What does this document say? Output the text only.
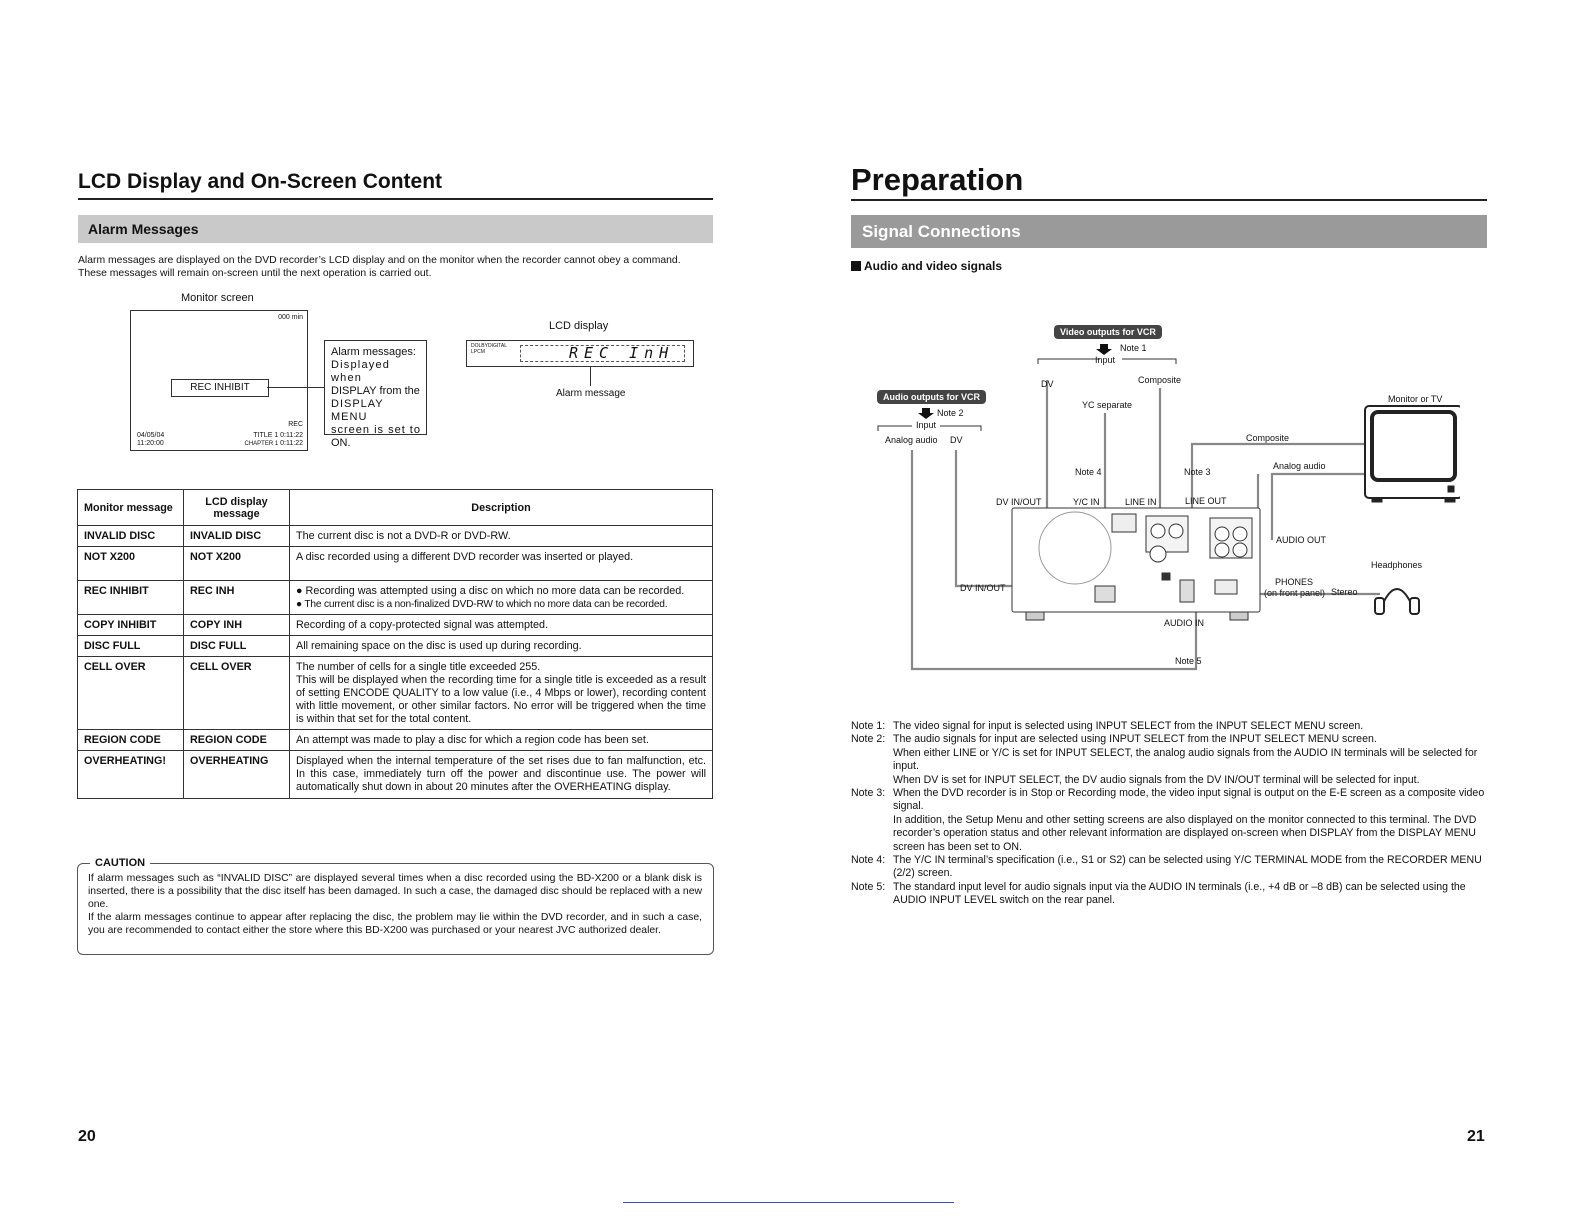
LCD Display and On-Screen Content
Alarm Messages
Alarm messages are displayed on the DVD recorder’s LCD display and on the monitor when the recorder cannot obey a command.
These messages will remain on-screen until the next operation is carried out.
Monitor screen
000 min
REC INHIBIT
REC
04/05/04
11:20:00
TITLE 1 0:11:22
CHAPTER 1 0:11:22
Alarm messages:
Displayed when
DISPLAY from the
DISPLAY MENU
screen is set to
ON.
LCD display
DOLBYDIGITAL
LPCM	REC InH
Alarm message
Monitor message	LCD display message	Description
INVALID DISC	INVALID DISC	The current disc is not a DVD-R or DVD-RW.
NOT X200	NOT X200	A disc recorded using a different DVD recorder was inserted or played.
REC INHIBIT	REC INH	● Recording was attempted using a disc on which no more data can be recorded.
● The current disc is a non-finalized DVD-RW to which no more data can be recorded.

COPY INHIBIT	COPY INH	Recording of a copy-protected signal was attempted.
DISC FULL	DISC FULL	All remaining space on the disc is used up during recording.
CELL OVER	CELL OVER	The number of cells for a single title exceeded 255.
This will be displayed when the recording time for a single title is exceeded as a result of setting ENCODE QUALITY to a low value (i.e., 4 Mbps or lower), recording content with little movement, or other similar factors. No error will be triggered when the time is within that set for the total content.

REGION CODE	REGION CODE	An attempt was made to play a disc for which a region code has been set.
OVERHEATING!	OVERHEATING	Displayed when the internal temperature of the set rises due to fan malfunction, etc. In this case, immediately turn off the power and discontinue use. The power will automatically shut down in about 20 minutes after the OVERHEATING display.
CAUTION
If alarm messages such as “INVALID DISC” are displayed several times when a disc recorded using the BD-X200 or a blank disk is inserted, there is a possibility that the disc itself has been damaged. In such a case, the damaged disc should be replaced with a new one.
If the alarm messages continue to appear after replacing the disc, the problem may lie within the DVD recorder, and in such a case, you are recommended to contact either the store where this BD-X200 was purchased or your nearest JVC authorized dealer.
20
Preparation
Signal Connections
Audio and video signals
Video outputs for VCR
Note 1
Input
DV	Composite
YC separate
Audio outputs for VCR
Note 2
Input
Analog audio DV
Note 4	Note 3
DV IN/OUT	Y/C IN	LINE IN	LINE OUT
DV IN/OUT
AUDIO OUT
AUDIO IN
Note 5
Monitor or TV
Composite
Analog audio
Headphones
PHONES
(on front panel) Stereo
Note 1: The video signal for input is selected using INPUT SELECT from the INPUT SELECT MENU screen.
Note 2: The audio signals for input are selected using INPUT SELECT from the INPUT SELECT MENU screen.
When either LINE or Y/C is set for INPUT SELECT, the analog audio signals from the AUDIO IN terminals will be selected for input.
When DV is set for INPUT SELECT, the DV audio signals from the DV IN/OUT terminal will be selected for input.
Note 3: When the DVD recorder is in Stop or Recording mode, the video input signal is output on the E-E screen as a composite video signal.
In addition, the Setup Menu and other setting screens are also displayed on the monitor connected to this terminal. The DVD recorder’s operation status and other relevant information are displayed on-screen when DISPLAY from the DISPLAY MENU screen has been set to ON.
Note 4: The Y/C IN terminal’s specification (i.e., S1 or S2) can be selected using Y/C TERMINAL MODE from the RECORDER MENU (2/2) screen.
Note 5: The standard input level for audio signals input via the AUDIO IN terminals (i.e., +4 dB or –8 dB) can be selected using the AUDIO INPUT LEVEL switch on the rear panel.
21
